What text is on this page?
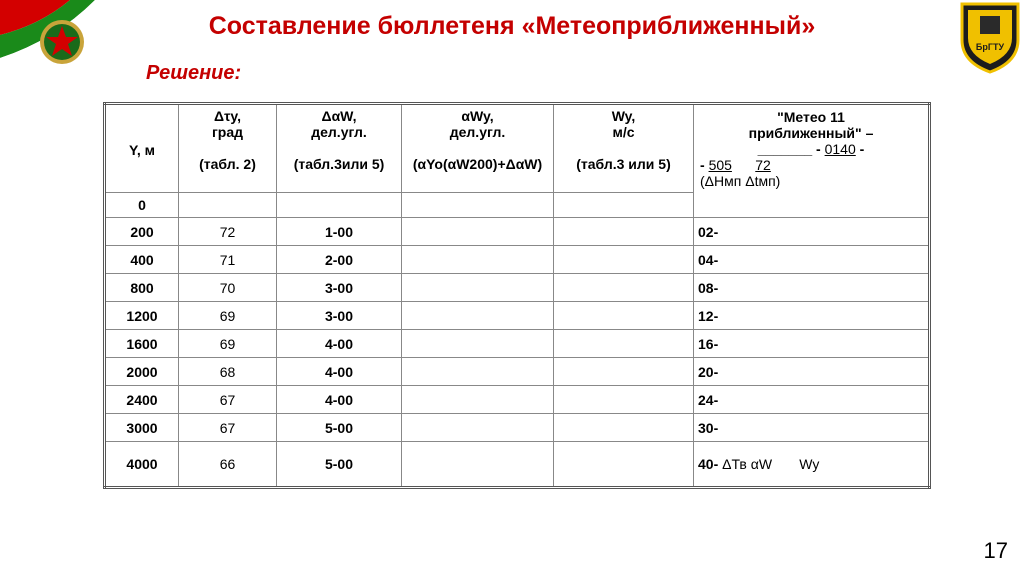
БрГТУ
Составление бюллетеня «Метеоприближенный»
Решение:
Y, м	Δτу,
град
(табл. 2)	ΔαW,
дел.угл.
(табл.3или 5)	αWy,
дел.угл.
(αYo(αW200)+ΔαW)	Wy,
м/с
(табл.3 или 5)	"Метео 11
приближенный" –
_______ - 0140 -

- 505 72
(ΔНмп Δtмп)

0					
200	72	1-00			02-
400	71	2-00			04-
800	70	3-00			08-
1200	69	3-00			12-
1600	69	4-00			16-
2000	68	4-00			20-
2400	67	4-00			24-
3000	67	5-00			30-
4000	66	5-00			40- ΔТв αW Wy
17
